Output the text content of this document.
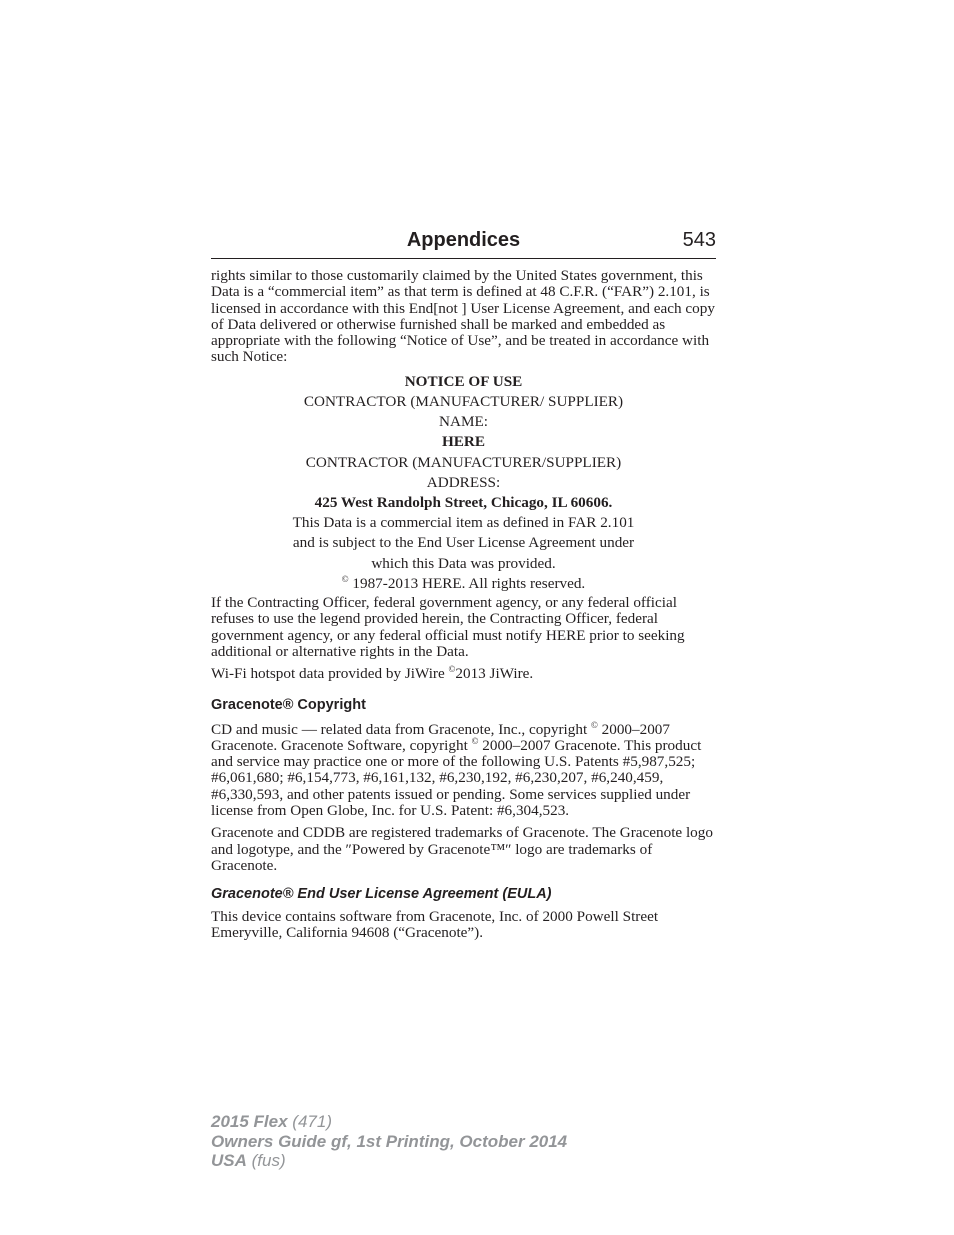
Appendices	543

rights similar to those customarily claimed by the United States government, this Data is a “commercial item” as that term is defined at 48 C.F.R. (“FAR”) 2.101, is licensed in accordance with this End[not ] User License Agreement, and each copy of Data delivered or otherwise furnished shall be marked and embedded as appropriate with the following “Notice of Use”, and be treated in accordance with such Notice:

NOTICE OF USE
CONTRACTOR (MANUFACTURER/ SUPPLIER)
NAME:
HERE
CONTRACTOR (MANUFACTURER/SUPPLIER)
ADDRESS:
425 West Randolph Street, Chicago, IL 60606.
This Data is a commercial item as defined in FAR 2.101
and is subject to the End User License Agreement under
which this Data was provided.
© 1987-2013 HERE. All rights reserved.

If the Contracting Officer, federal government agency, or any federal official refuses to use the legend provided herein, the Contracting Officer, federal government agency, or any federal official must notify HERE prior to seeking additional or alternative rights in the Data.

Wi-Fi hotspot data provided by JiWire ©2013 JiWire.

Gracenote® Copyright

CD and music — related data from Gracenote, Inc., copyright © 2000–2007 Gracenote. Gracenote Software, copyright © 2000–2007 Gracenote. This product and service may practice one or more of the following U.S. Patents #5,987,525; #6,061,680; #6,154,773, #6,161,132, #6,230,192, #6,230,207, #6,240,459, #6,330,593, and other patents issued or pending. Some services supplied under license from Open Globe, Inc. for U.S. Patent: #6,304,523.

Gracenote and CDDB are registered trademarks of Gracenote. The Gracenote logo and logotype, and the ″Powered by Gracenote™″ logo are trademarks of Gracenote.

Gracenote® End User License Agreement (EULA)

This device contains software from Gracenote, Inc. of 2000 Powell Street Emeryville, California 94608 (“Gracenote”).

2015 Flex (471)
Owners Guide gf, 1st Printing, October 2014
USA (fus)
